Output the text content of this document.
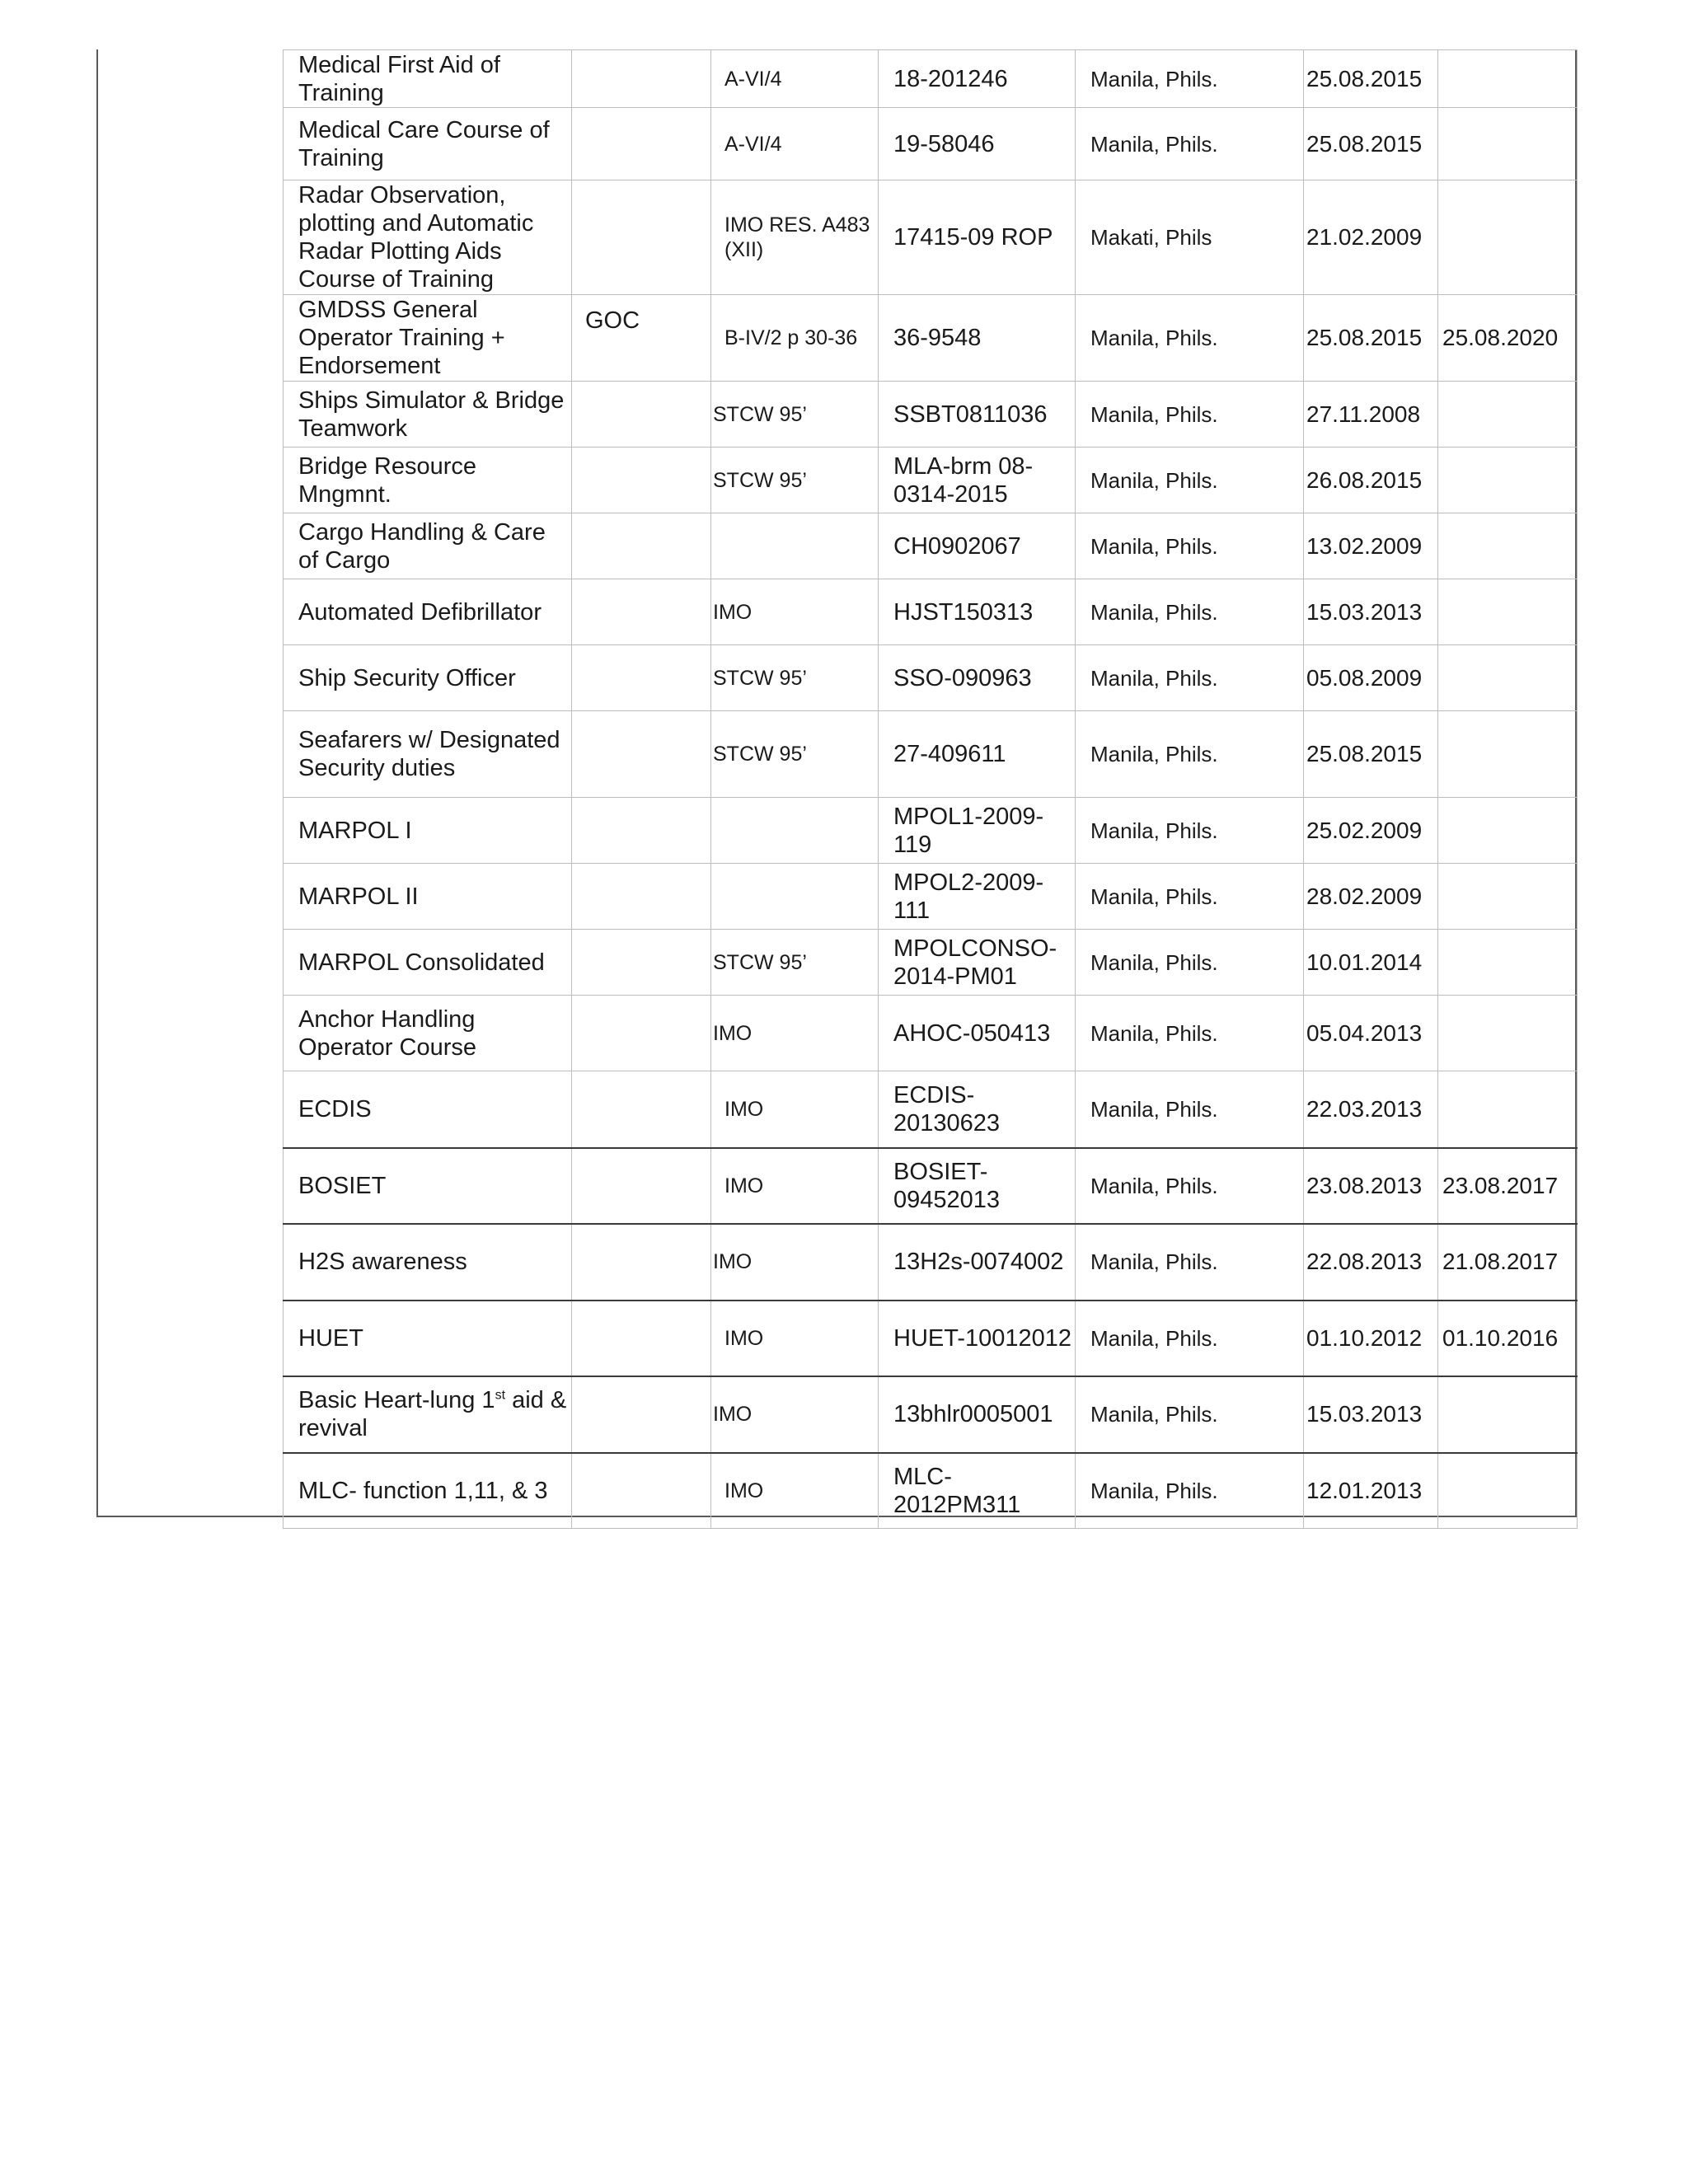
Medical First Aid of Training		A-VI/4	18-201246	Manila, Phils.	25.08.2015	
Medical Care Course of Training		A-VI/4	19-58046	Manila, Phils.	25.08.2015	
Radar Observation, plotting and Automatic Radar Plotting Aids Course of Training		IMO RES. A483 (XII)	17415-09 ROP	Makati, Phils	21.02.2009	
GMDSS General Operator Training + Endorsement	GOC	B-IV/2 p 30-36	36-9548	Manila, Phils.	25.08.2015	25.08.2020
Ships Simulator & Bridge Teamwork		STCW 95’	SSBT0811036	Manila, Phils.	27.11.2008	
Bridge Resource Mngmnt.		STCW 95’	MLA-brm 08-0314-2015	Manila, Phils.	26.08.2015	
Cargo Handling & Care of Cargo			CH0902067	Manila, Phils.	13.02.2009	
Automated Defibrillator		IMO	HJST150313	Manila, Phils.	15.03.2013	
Ship Security Officer		STCW 95’	SSO-090963	Manila, Phils.	05.08.2009	
Seafarers w/ Designated Security duties		STCW 95’	27-409611	Manila, Phils.	25.08.2015	
MARPOL I			MPOL1-2009-119	Manila, Phils.	25.02.2009	
MARPOL II			MPOL2-2009-111	Manila, Phils.	28.02.2009	
MARPOL Consolidated		STCW 95’	MPOLCONSO-2014-PM01	Manila, Phils.	10.01.2014	
Anchor Handling Operator Course		IMO	AHOC-050413	Manila, Phils.	05.04.2013	
ECDIS		IMO	ECDIS-20130623	Manila, Phils.	22.03.2013	
BOSIET		IMO	BOSIET-09452013	Manila, Phils.	23.08.2013	23.08.2017
H2S awareness		IMO	13H2s-0074002	Manila, Phils.	22.08.2013	21.08.2017
HUET		IMO	HUET-10012012	Manila, Phils.	01.10.2012	01.10.2016
Basic Heart-lung 1st aid & revival		IMO	13bhlr0005001	Manila, Phils.	15.03.2013	
MLC- function 1,11, & 3		IMO	MLC-2012PM311	Manila, Phils.	12.01.2013	
